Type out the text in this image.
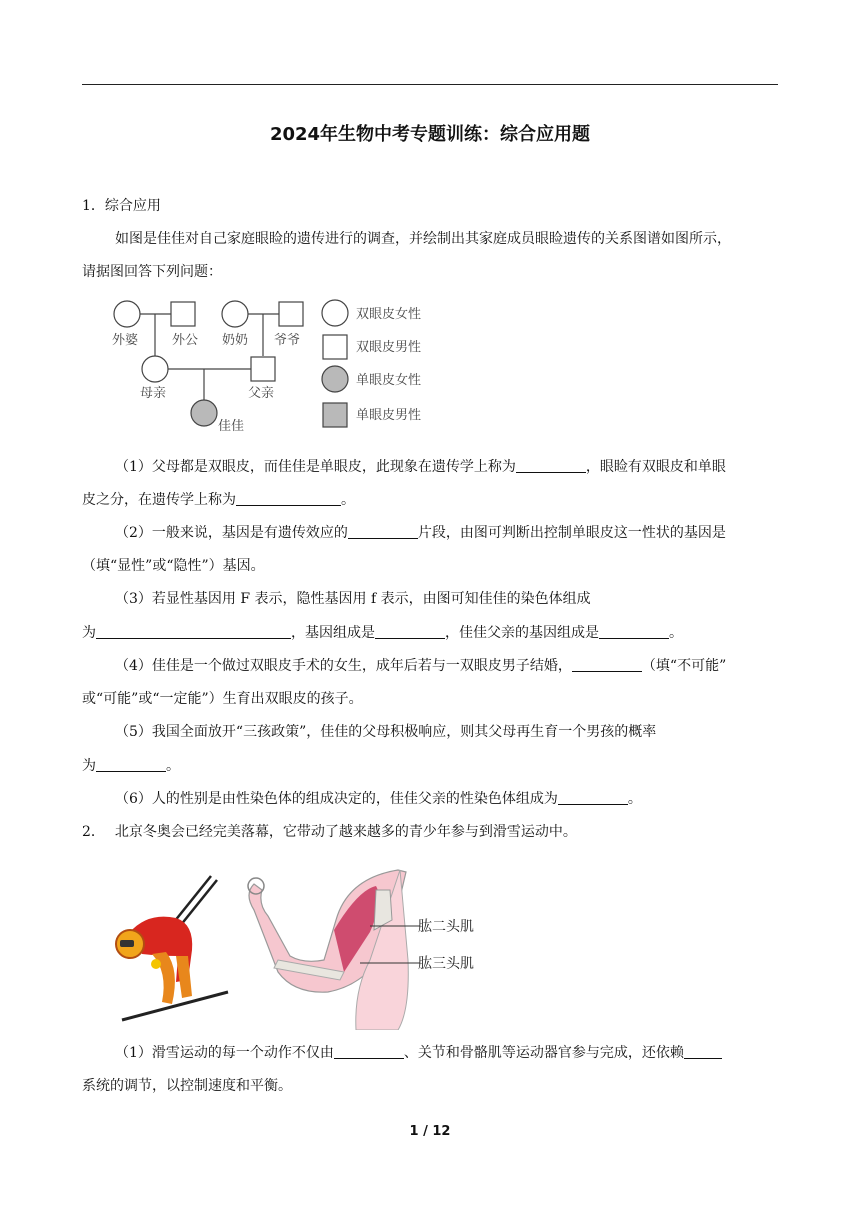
2024年生物中考专题训练：综合应用题
1．综合应用
如图是佳佳对自己家庭眼睑的遗传进行的调查，并绘制出其家庭成员眼睑遗传的关系图谱如图所示，
请据图回答下列问题：
外婆	外公 奶奶 爷爷
母亲	父亲
佳佳
双眼皮女性
双眼皮男性
单眼皮女性
单眼皮男性
（1）父母都是双眼皮，而佳佳是单眼皮，此现象在遗传学上称为	，眼睑有双眼皮和单眼
皮之分，在遗传学上称为	。
（2）一般来说，基因是有遗传效应的	片段，由图可判断出控制单眼皮这一性状的基因是
（填“显性”或“隐性”）基因。
（3）若显性基因用 F 表示，隐性基因用 f 表示，由图可知佳佳的染色体组成
为	，基因组成是	，佳佳父亲的基因组成是	。
（4）佳佳是一个做过双眼皮手术的女生，成年后若与一双眼皮男子结婚，	（填“不可能”
或“可能”或“一定能”）生育出双眼皮的孩子。
（5）我国全面放开“三孩政策”，佳佳的父母积极响应，则其父母再生育一个男孩的概率
为	。
（6）人的性别是由性染色体的组成决定的，佳佳父亲的性染色体组成为	。
2． 北京冬奥会已经完美落幕，它带动了越来越多的青少年参与到滑雪运动中。
肱二头肌
肱三头肌
（1）滑雪运动的每一个动作不仅由	、关节和骨骼肌等运动器官参与完成，还依赖
系统的调节，以控制速度和平衡。
1 / 12
